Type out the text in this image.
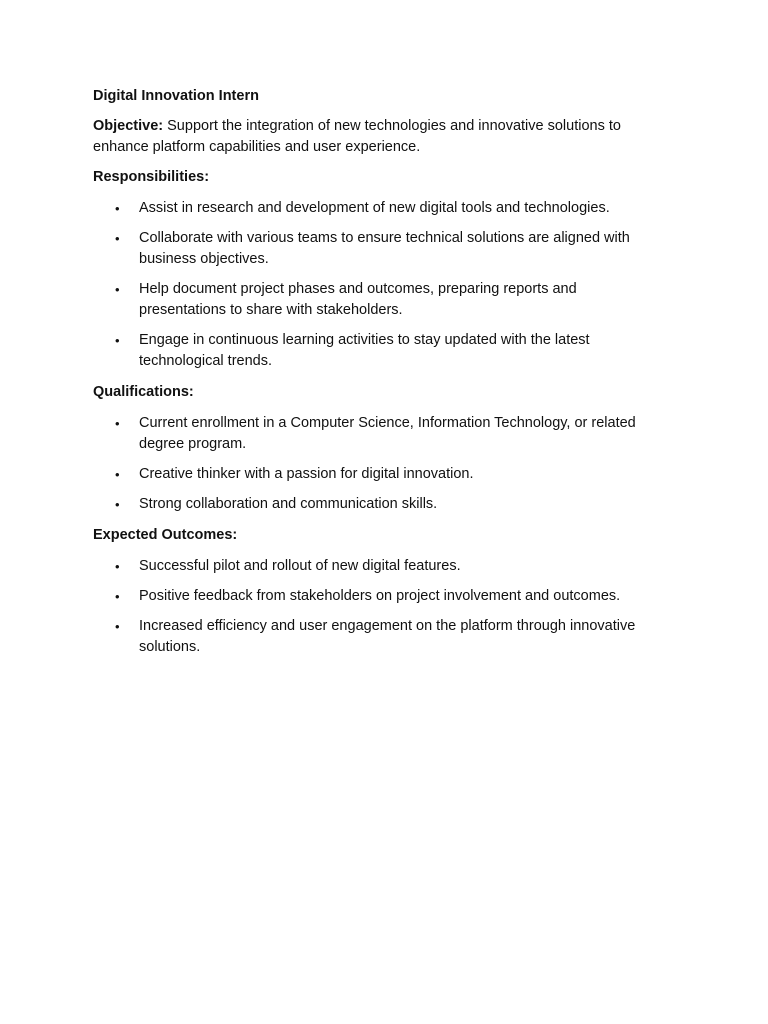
Digital Innovation Intern
Objective: Support the integration of new technologies and innovative solutions to enhance platform capabilities and user experience.
Responsibilities:
• Assist in research and development of new digital tools and technologies.
• Collaborate with various teams to ensure technical solutions are aligned with business objectives.
• Help document project phases and outcomes, preparing reports and presentations to share with stakeholders.
• Engage in continuous learning activities to stay updated with the latest technological trends.
Qualifications:
• Current enrollment in a Computer Science, Information Technology, or related degree program.
• Creative thinker with a passion for digital innovation.
• Strong collaboration and communication skills.
Expected Outcomes:
• Successful pilot and rollout of new digital features.
• Positive feedback from stakeholders on project involvement and outcomes.
• Increased efficiency and user engagement on the platform through innovative solutions.
